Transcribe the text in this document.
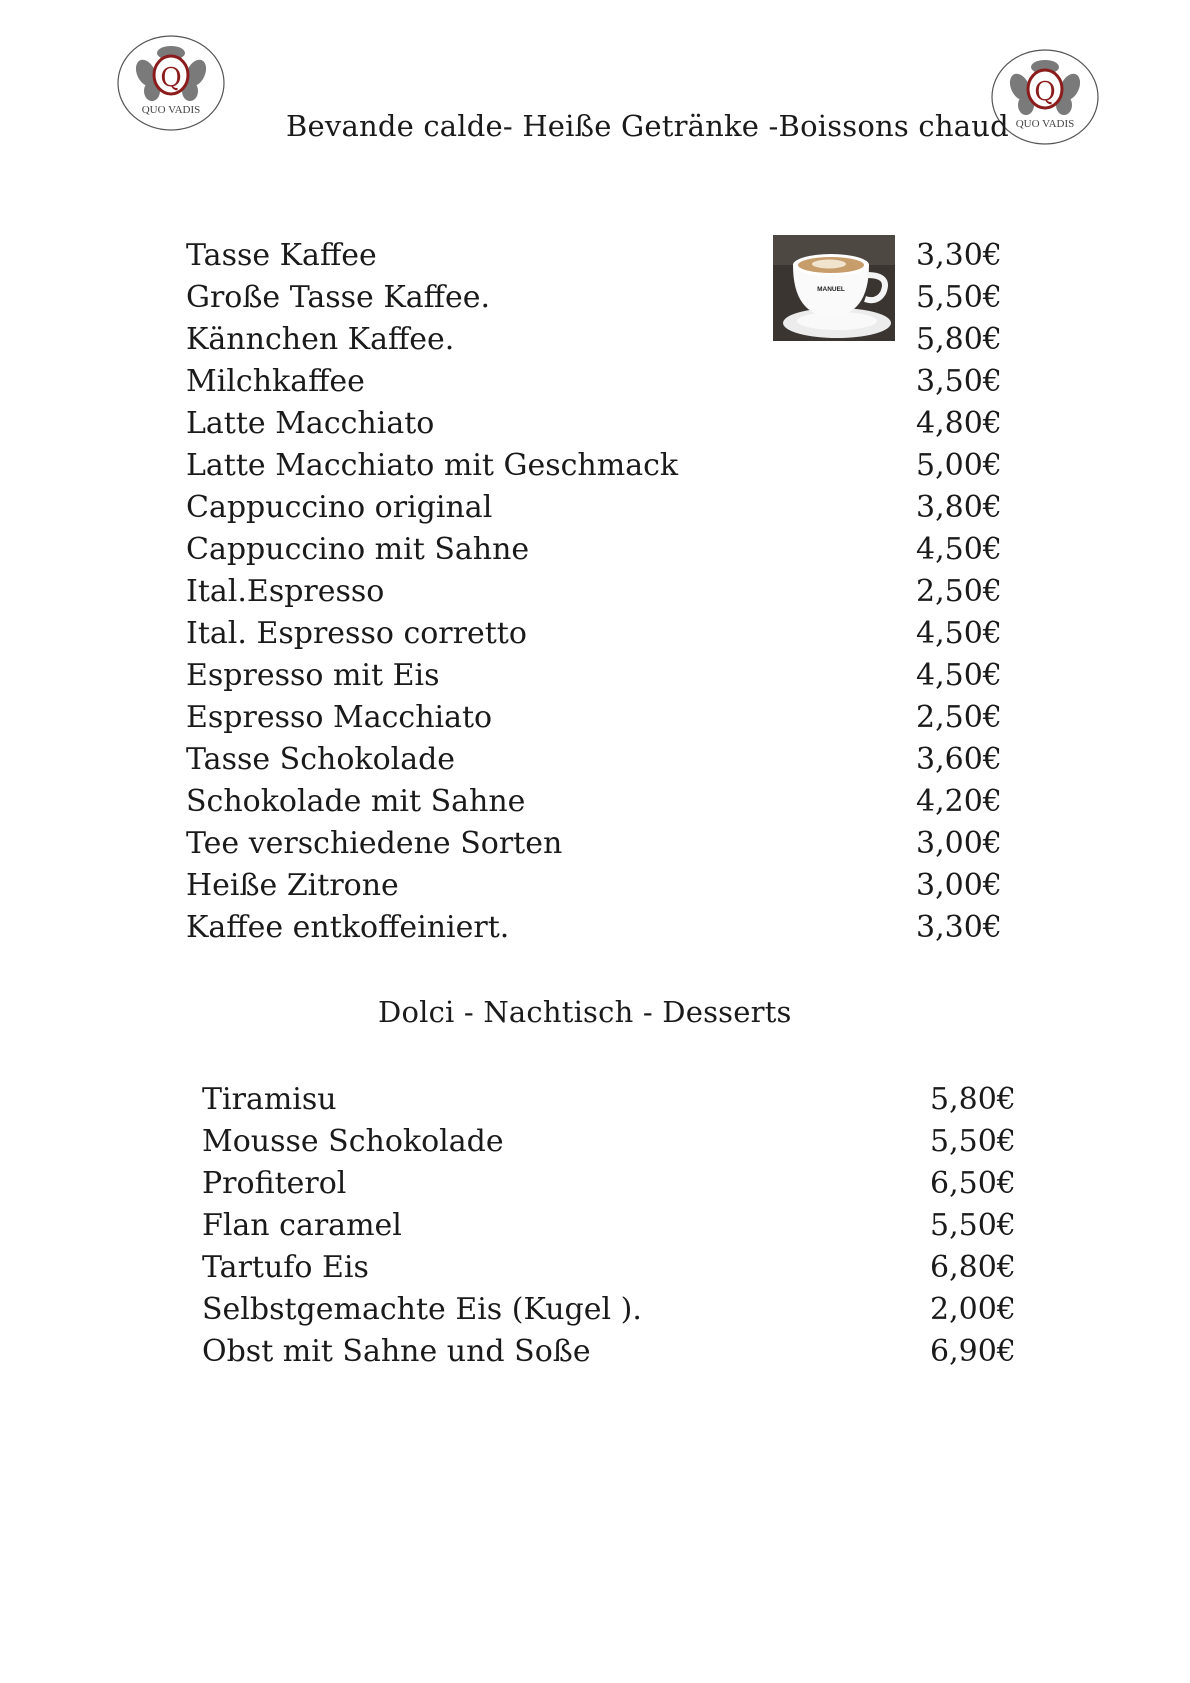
Q
QUO VADIS
Q
QUO VADIS
Bevande calde- Heiße Getränke -Boissons chaud
MANUEL
Tasse Kaffee	3,30€
Große Tasse Kaffee.	5,50€
Kännchen Kaffee.	5,80€
Milchkaffee	3,50€
Latte Macchiato	4,80€
Latte Macchiato mit Geschmack	5,00€
Cappuccino original	3,80€
Cappuccino mit Sahne	4,50€
Ital.Espresso	2,50€
Ital. Espresso corretto	4,50€
Espresso mit Eis	4,50€
Espresso Macchiato	2,50€
Tasse Schokolade	3,60€
Schokolade mit Sahne	4,20€
Tee verschiedene Sorten	3,00€
Heiße Zitrone	3,00€
Kaffee entkoffeiniert.	3,30€
Dolci - Nachtisch - Desserts
Tiramisu	5,80€
Mousse Schokolade	5,50€
Profiterol	6,50€
Flan caramel	5,50€
Tartufo Eis	6,80€
Selbstgemachte Eis (Kugel ).	2,00€
Obst mit Sahne und Soße	6,90€
